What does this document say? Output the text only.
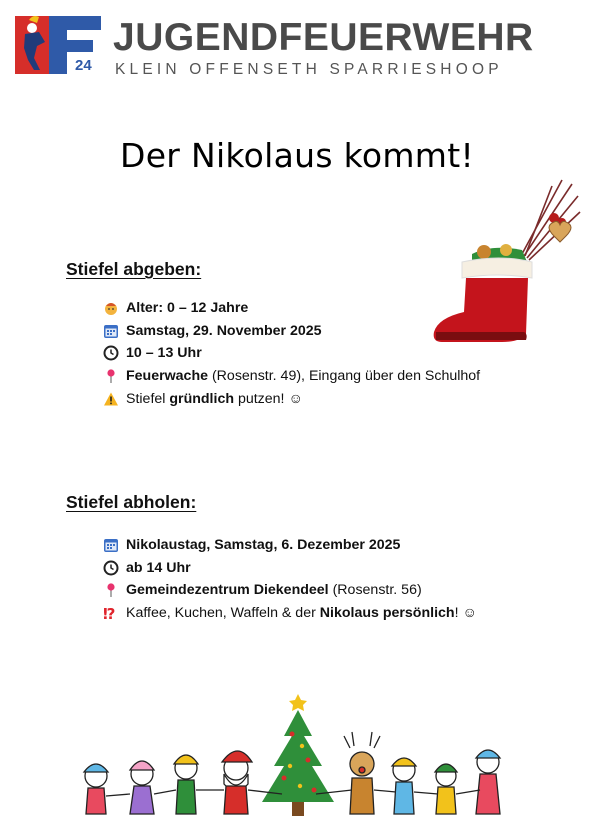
24
JUGENDFEUERWEHR
KLEIN OFFENSETH SPARRIESHOOP
Der Nikolaus kommt!
Stiefel abgeben:
Alter: 0 – 12 Jahre
Samstag, 29. November 2025
10 – 13 Uhr
Feuerwache (Rosenstr. 49), Eingang über den Schulhof
Stiefel gründlich putzen! ☺
Stiefel abholen:
Nikolaustag, Samstag, 6. Dezember 2025
ab 14 Uhr
Gemeindezentrum Diekendeel (Rosenstr. 56)
⁉ Kaffee, Kuchen, Waffeln & der Nikolaus persönlich ! ☺
